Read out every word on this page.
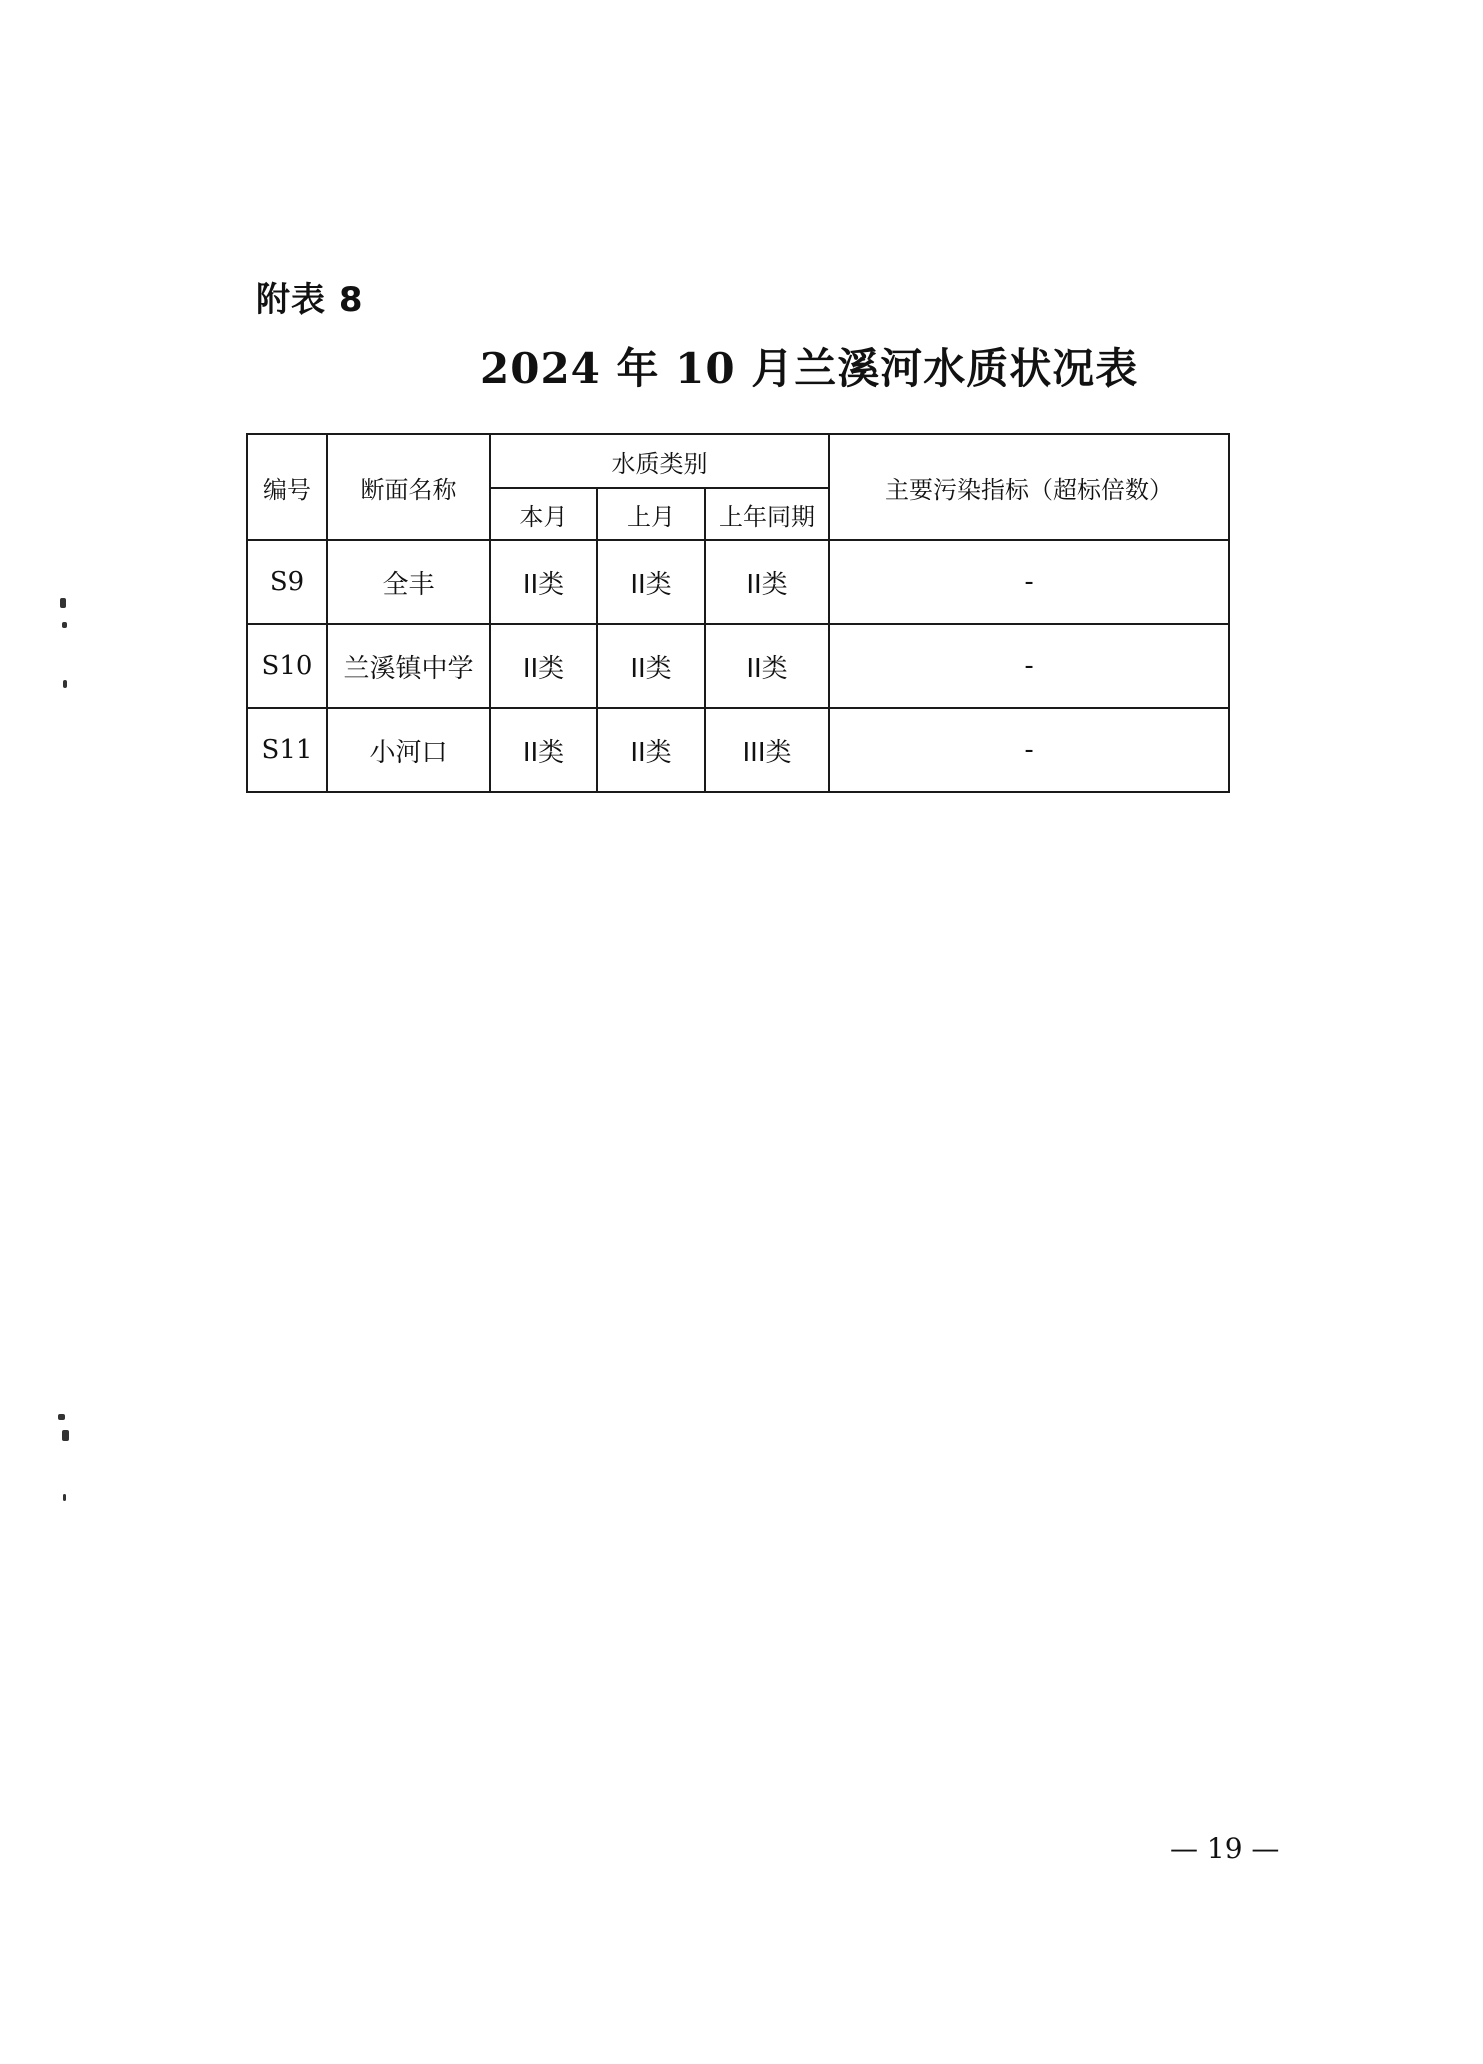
附表 8
2024 年 10 月兰溪河水质状况表
编号	断面名称	水质类别			主要污染指标（超标倍数）
		本月	上月	上年同期	
S9	全丰	II类	II类	II类	-
S10	兰溪镇中学	II类	II类	II类	-
S11	小河口	II类	II类	III类	-
— 19 —
